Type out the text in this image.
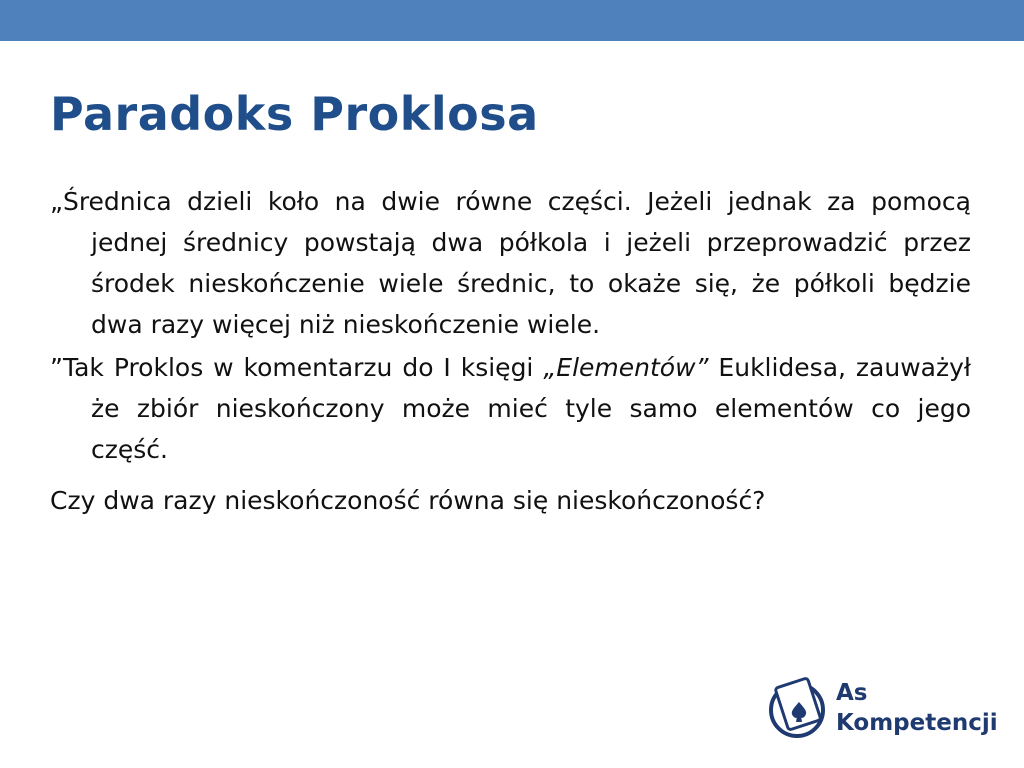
Paradoks Proklosa

„Średnica dzieli koło na dwie równe części. Jeżeli jednak za pomocą jednej średnicy powstają dwa półkola i jeżeli przeprowadzić przez środek nieskończenie wiele średnic, to okaże się, że półkoli będzie dwa razy więcej niż nieskończenie wiele.

”Tak Proklos w komentarzu do I księgi „Elementów” Euklidesa, zauważył że zbiór nieskończony może mieć tyle samo elementów co jego część.

Czy dwa razy nieskończoność równa się nieskończoność?

As
Kompetencji
